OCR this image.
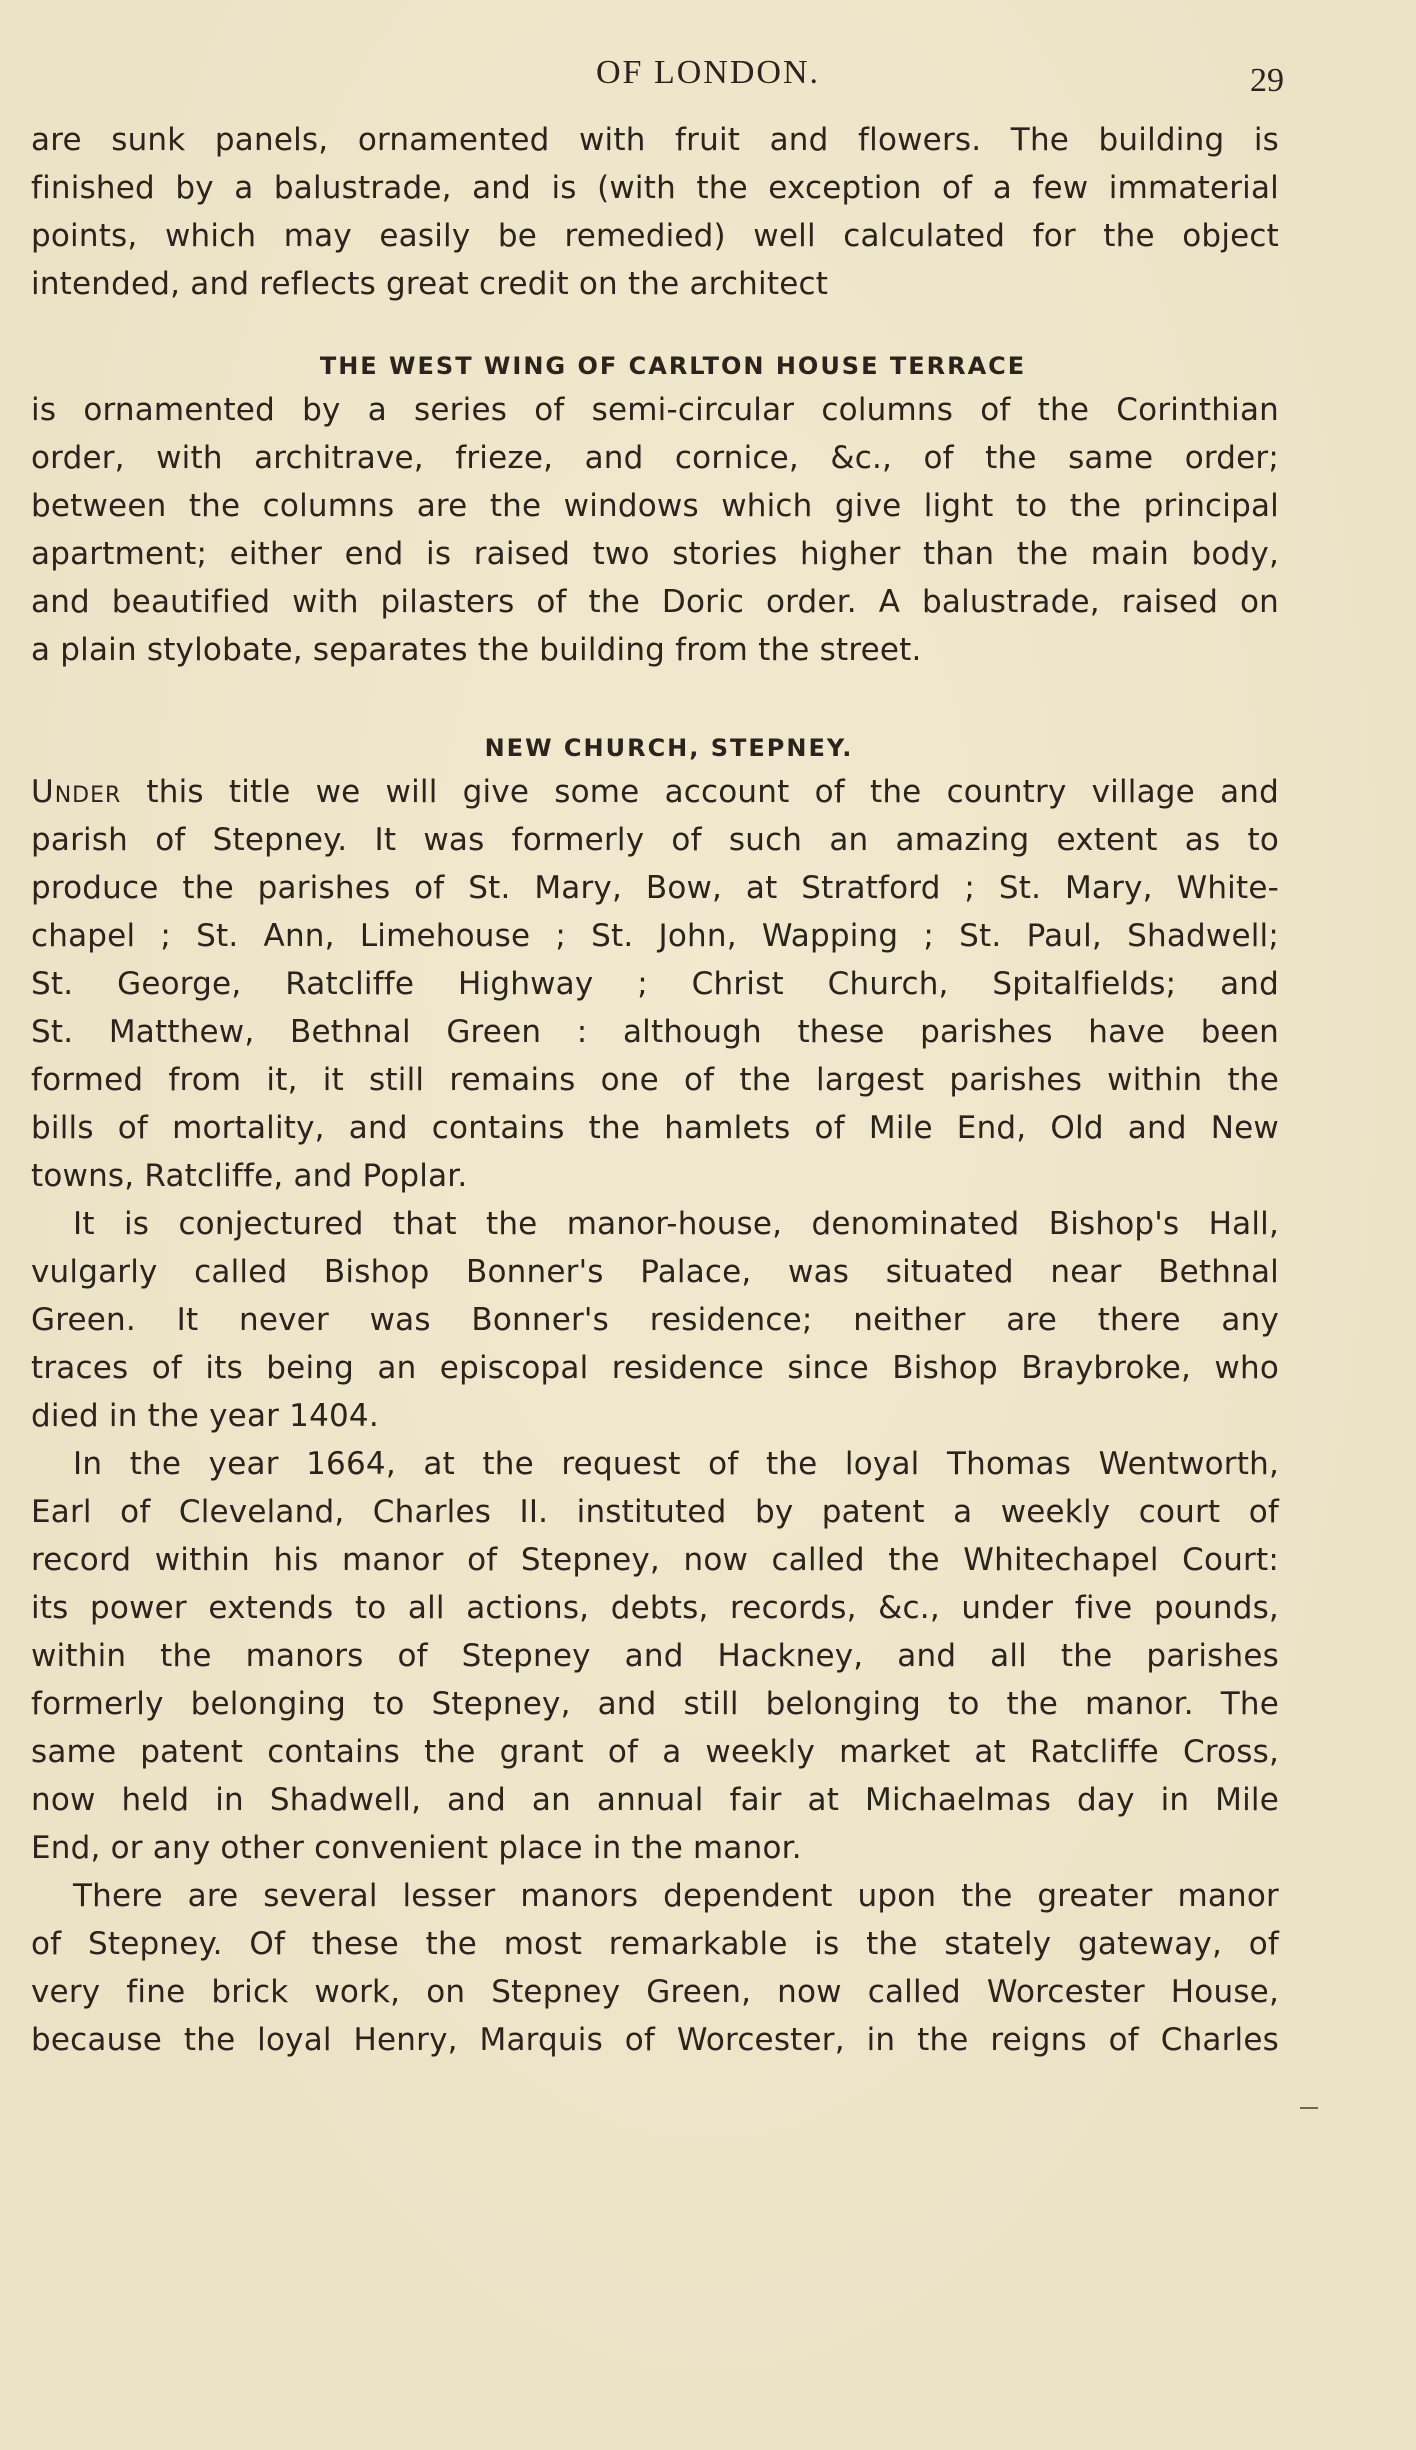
OF LONDON.	29
are sunk panels, ornamented with fruit and flowers. The building is
finished by a balustrade, and is (with the exception of a few immaterial
points, which may easily be remedied) well calculated for the object
intended, and reflects great credit on the architect
THE WEST WING OF CARLTON HOUSE TERRACE
is ornamented by a series of semi-circular columns of the Corinthian
order, with architrave, frieze, and cornice, &c., of the same order;
between the columns are the windows which give light to the principal
apartment; either end is raised two stories higher than the main body,
and beautified with pilasters of the Doric order. A balustrade, raised on
a plain stylobate, separates the building from the street.
NEW CHURCH, STEPNEY.
Under this title we will give some account of the country village and
parish of Stepney. It was formerly of such an amazing extent as to
produce the parishes of St. Mary, Bow, at Stratford ; St. Mary, White-
chapel ; St. Ann, Limehouse ; St. John, Wapping ; St. Paul, Shadwell;
St. George, Ratcliffe Highway ; Christ Church, Spitalfields; and
St. Matthew, Bethnal Green : although these parishes have been
formed from it, it still remains one of the largest parishes within the
bills of mortality, and contains the hamlets of Mile End, Old and New
towns, Ratcliffe, and Poplar.
It is conjectured that the manor-house, denominated Bishop's Hall,
vulgarly called Bishop Bonner's Palace, was situated near Bethnal
Green. It never was Bonner's residence; neither are there any
traces of its being an episcopal residence since Bishop Braybroke, who
died in the year 1404.
In the year 1664, at the request of the loyal Thomas Wentworth,
Earl of Cleveland, Charles II. instituted by patent a weekly court of
record within his manor of Stepney, now called the Whitechapel Court:
its power extends to all actions, debts, records, &c., under five pounds,
within the manors of Stepney and Hackney, and all the parishes
formerly belonging to Stepney, and still belonging to the manor. The
same patent contains the grant of a weekly market at Ratcliffe Cross,
now held in Shadwell, and an annual fair at Michaelmas day in Mile
End, or any other convenient place in the manor.
There are several lesser manors dependent upon the greater manor
of Stepney. Of these the most remarkable is the stately gateway, of
very fine brick work, on Stepney Green, now called Worcester House,
because the loyal Henry, Marquis of Worcester, in the reigns of Charles
